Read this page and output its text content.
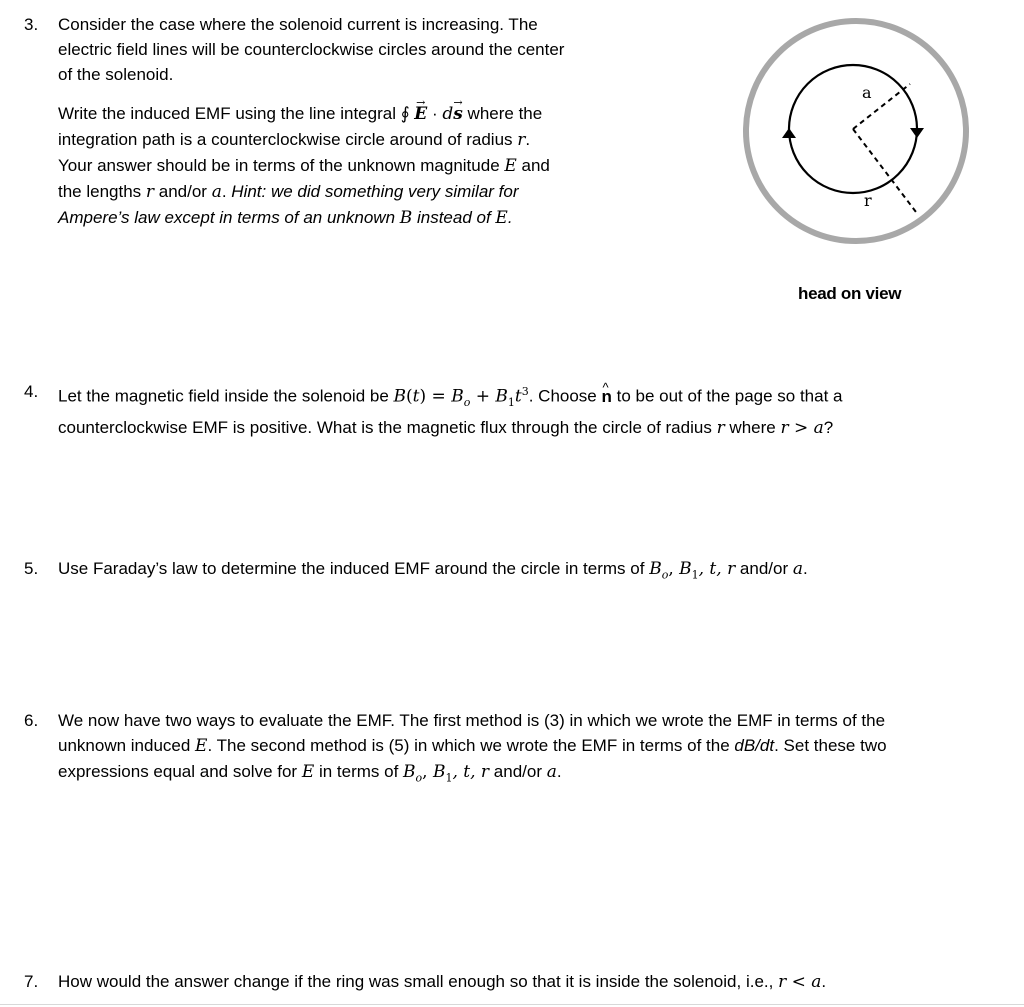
3. Consider the case where the solenoid current is increasing. The
electric field lines will be counterclockwise circles around the center
of the solenoid.
Write the induced EMF using the line integral ∮ → E · d→ s where the
integration path is a counterclockwise circle around of radius r.
Your answer should be in terms of the unknown magnitude E and
the lengths r and/or a. Hint: we did something very similar for
Ampere’s law except in terms of an unknown B instead of E.
a
r
head on view
4. Let the magnetic field inside the solenoid be $B(t) = B_o + B_1t^3$. Choose ^ n to be out of the page so that a
counterclockwise EMF is positive. What is the magnetic flux through the circle of radius r where r > a?
5. Use Faraday’s law to determine the induced EMF around the circle in terms of $B_o$, $B_1$, t, r and/or a.
6. We now have two ways to evaluate the EMF. The first method is (3) in which we wrote the EMF in terms of the
unknown induced E. The second method is (5) in which we wrote the EMF in terms of the dB/dt. Set these two
expressions equal and solve for E in terms of $B_o$, $B_1$, t, r and/or a.
7. How would the answer change if the ring was small enough so that it is inside the solenoid, i.e., r < a.
